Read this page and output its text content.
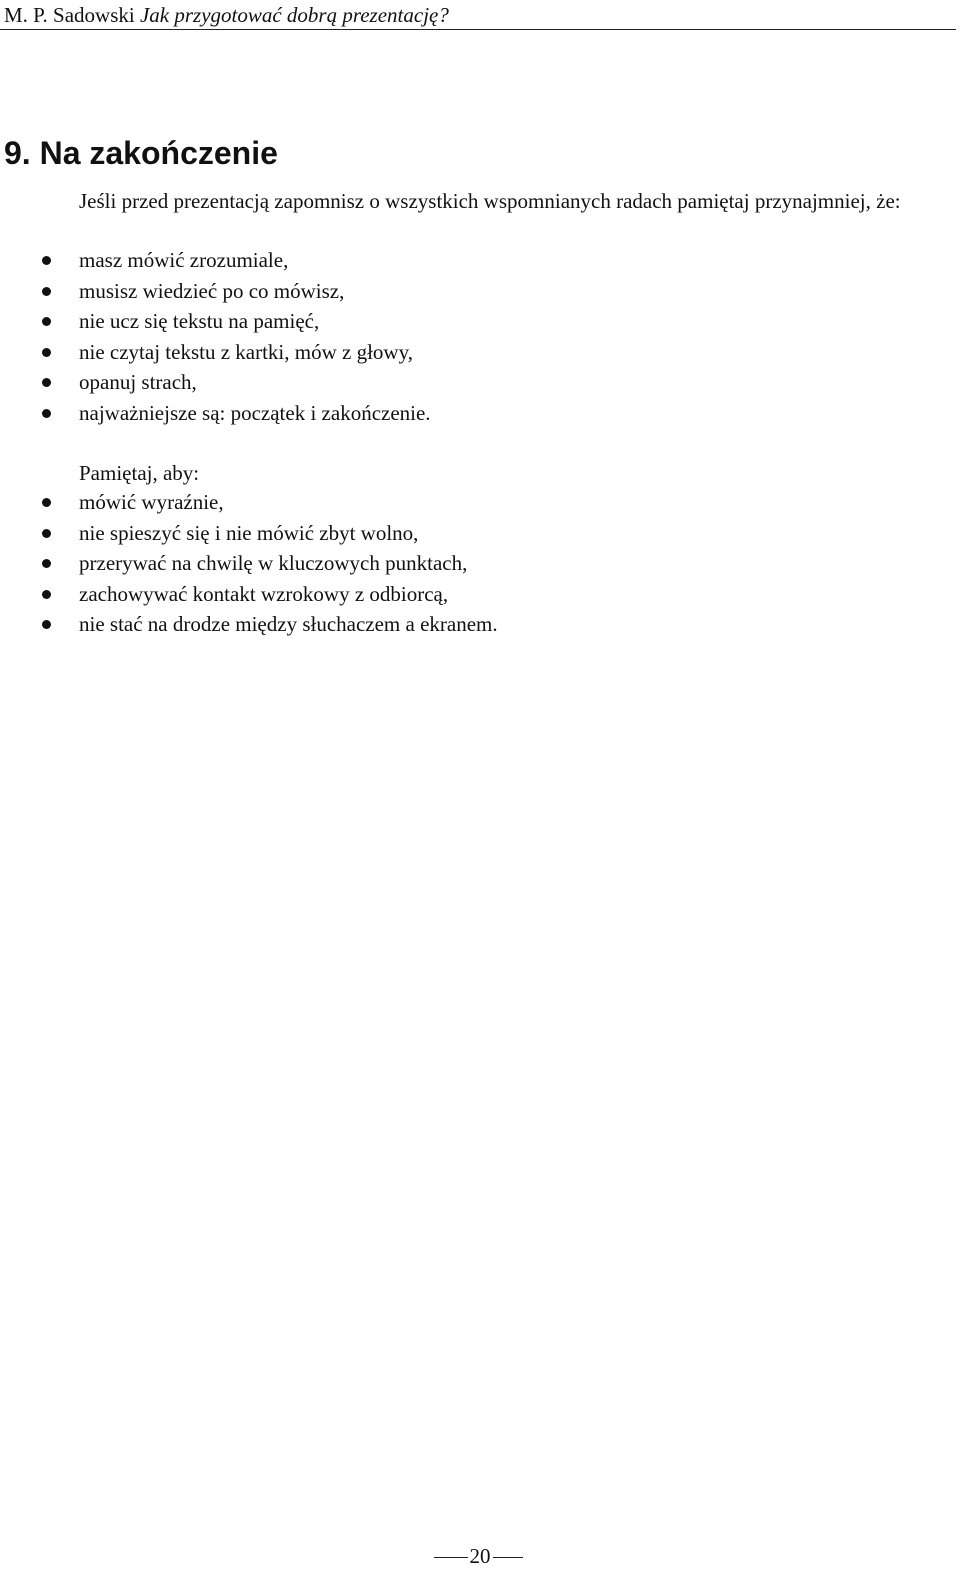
M. P. Sadowski Jak przygotować dobrą prezentację?
9. Na zakończenie

Jeśli przed prezentacją zapomnisz o wszystkich wspomnianych radach pamiętaj przynajmniej, że:

masz mówić zrozumiale,
musisz wiedzieć po co mówisz,
nie ucz się tekstu na pamięć,
nie czytaj tekstu z kartki, mów z głowy,
opanuj strach,
najważniejsze są: początek i zakończenie.

Pamiętaj, aby:

mówić wyraźnie,
nie spieszyć się i nie mówić zbyt wolno,
przerywać na chwilę w kluczowych punktach,
zachowywać kontakt wzrokowy z odbiorcą,
nie stać na drodze między słuchaczem a ekranem.
20
